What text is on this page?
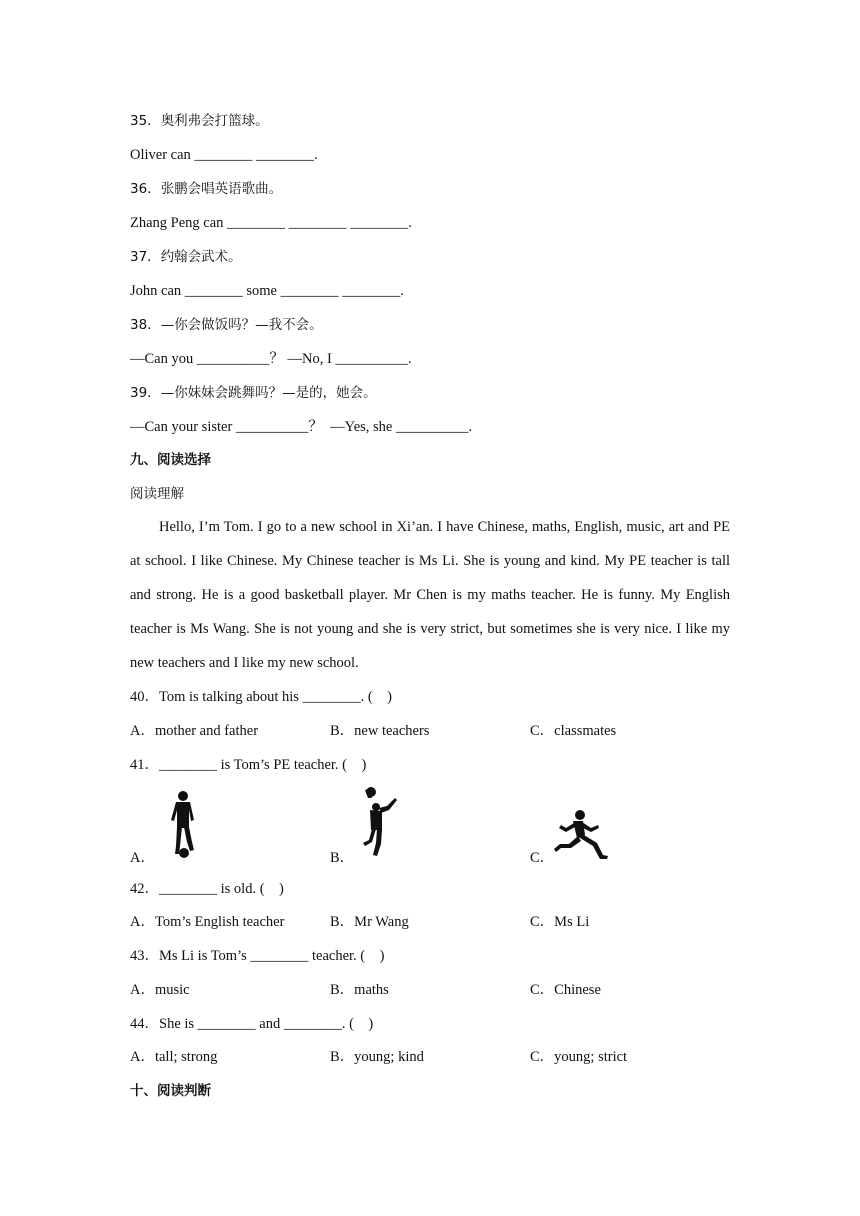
35．奥利弗会打篮球。
Oliver can ________ ________.
36．张鹏会唱英语歌曲。
Zhang Peng can ________ ________ ________.
37．约翰会武术。
John can ________ some ________ ________.
38．—你会做饭吗？—我不会。
—Can you __________？ —No, I __________.
39．—你妹妹会跳舞吗？—是的，她会。
—Can your sister __________？  —Yes, she __________.
九、阅读选择
阅读理解
Hello, I’m Tom. I go to a new school in Xi’an. I have Chinese, maths, English, music, art and PE at school. I like Chinese. My Chinese teacher is Ms Li. She is young and kind. My PE teacher is tall and strong. He is a good basketball player. Mr Chen is my maths teacher. He is funny. My English teacher is Ms Wang. She is not young and she is very strict, but sometimes she is very nice. I like my new teachers and I like my new school.
40．Tom is talking about his ________. (    )
A．mother and father	B．new teachers	C．classmates
41．________ is Tom’s PE teacher. (    )
A．	B．	C．
42．________ is old. (    )
A．Tom’s English teacher	B．Mr Wang	C．Ms Li
43．Ms Li is Tom’s ________ teacher. (    )
A．music	B．maths	C．Chinese
44．She is ________ and ________. (    )
A．tall; strong	B．young; kind	C．young; strict
十、阅读判断
